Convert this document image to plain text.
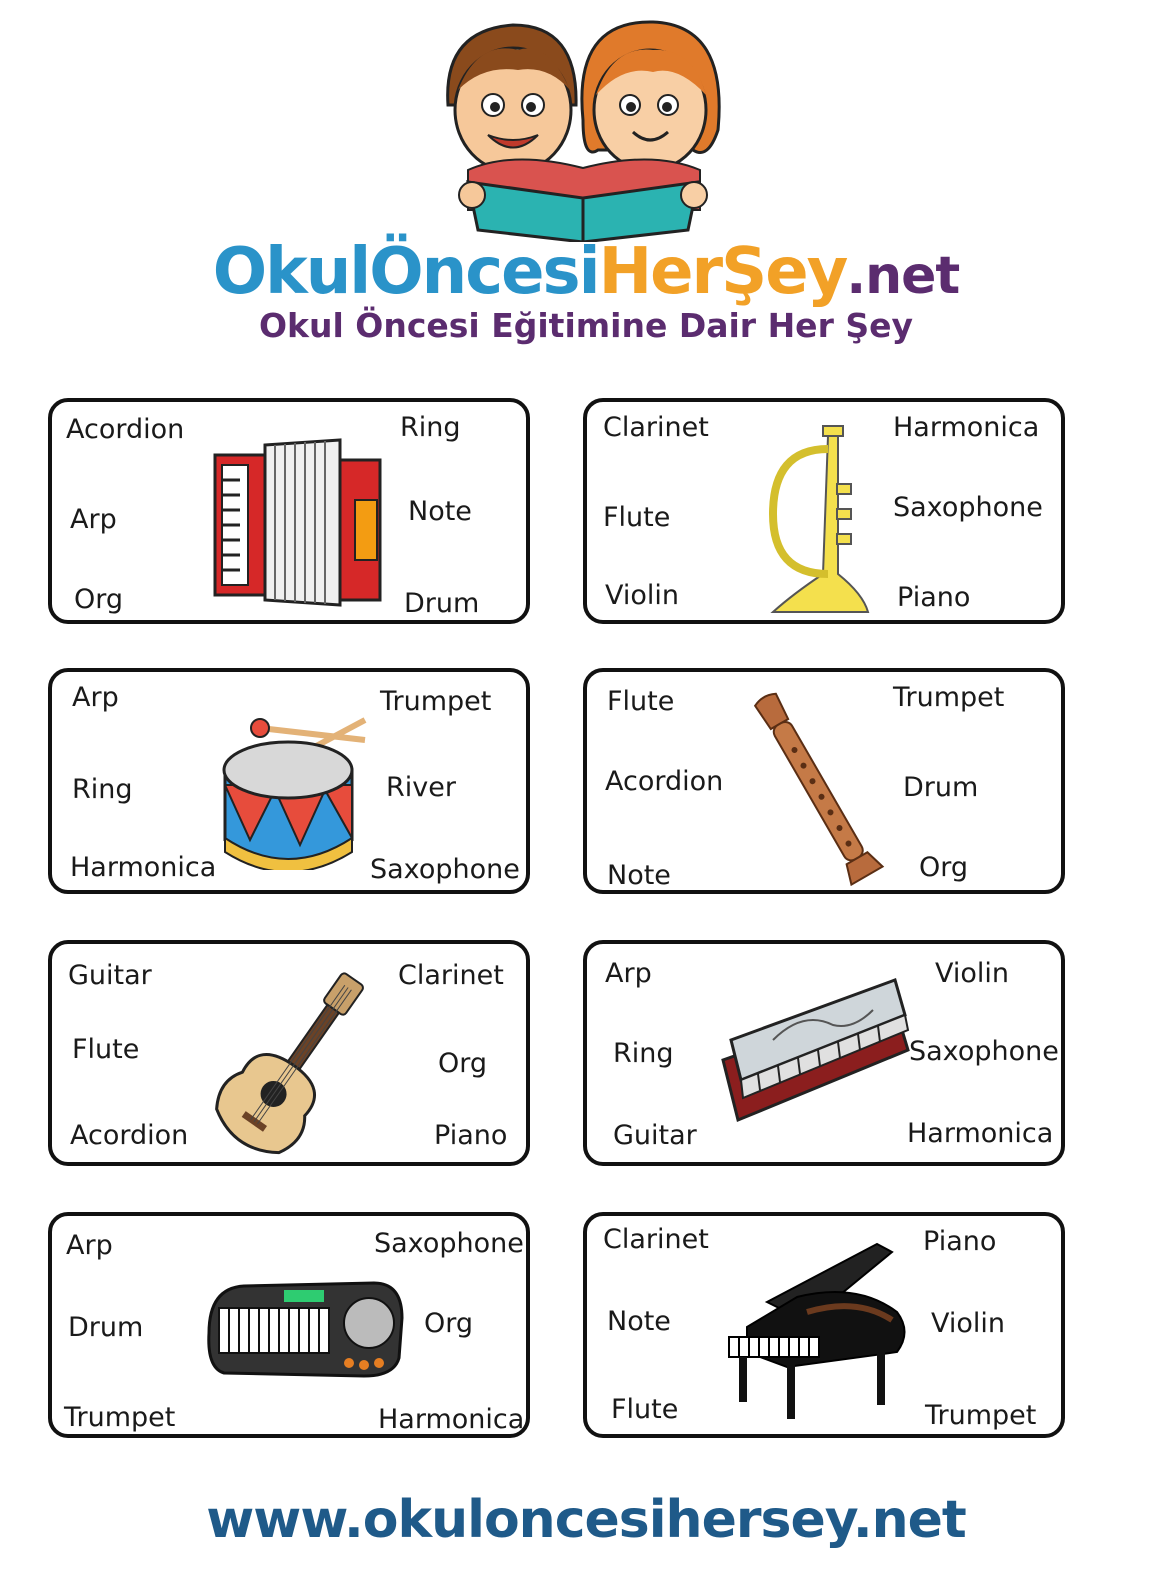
OkulÖncesiHerŞey.net
Okul Öncesi Eğitimine Dair Her Şey
Acordion	Ring
Arp	Note
Org	Drum
Clarinet	Harmonica
Flute	Saxophone
Violin	Piano
Arp	Trumpet
Ring	River
Harmonica	Saxophone
Flute	Trumpet
Acordion	Drum
Note	Org
Guitar	Clarinet
Flute	Org
Acordion	Piano
Arp	Violin
Ring	Saxophone
Guitar	Harmonica
Arp	Saxophone
Drum	Org
Trumpet	Harmonica
Clarinet	Piano
Note	Violin
Flute	Trumpet
www.okuloncesihersey.net
